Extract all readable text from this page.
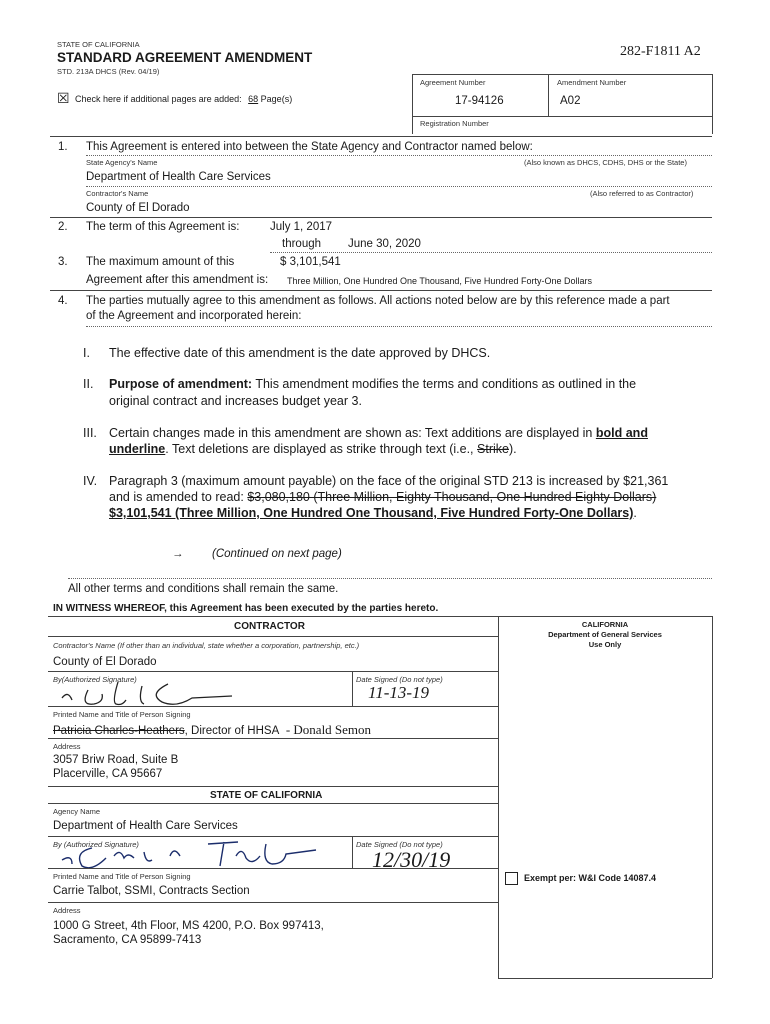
STATE OF CALIFORNIA
STANDARD AGREEMENT AMENDMENT
STD. 213A DHCS (Rev. 04/19)
282-F1811 A2
☒ Check here if additional pages are added: 68 Page(s)
Agreement Number
17-94126
Amendment Number
A02
Registration Number
1. This Agreement is entered into between the State Agency and Contractor named below:
State Agency's Name	(Also known as DHCS, CDHS, DHS or the State)
Department of Health Care Services
Contractor's Name	(Also referred to as Contractor)
County of El Dorado
2. The term of this Agreement is:	July 1, 2017
through June 30, 2020
3. The maximum amount of this	$ 3,101,541
Agreement after this amendment is: Three Million, One Hundred One Thousand, Five Hundred Forty-One Dollars
4. The parties mutually agree to this amendment as follows. All actions noted below are by this reference made a part
of the Agreement and incorporated herein:
I. The effective date of this amendment is the date approved by DHCS.
II. Purpose of amendment: This amendment modifies the terms and conditions as outlined in the
original contract and increases budget year 3.
III. Certain changes made in this amendment are shown as: Text additions are displayed in bold and
underline. Text deletions are displayed as strike through text (i.e., Strike).
IV. Paragraph 3 (maximum amount payable) on the face of the original STD 213 is increased by $21,361
and is amended to read: $3,080,180 (Three Million, Eighty Thousand, One Hundred Eighty Dollars)
$3,101,541 (Three Million, One Hundred One Thousand, Five Hundred Forty-One Dollars).
→ (Continued on next page)
All other terms and conditions shall remain the same.
IN WITNESS WHEREOF, this Agreement has been executed by the parties hereto.
CONTRACTOR	CALIFORNIA
Department of General Services
Use Only
Contractor's Name (If other than an individual, state whether a corporation, partnership, etc.)
County of El Dorado
By(Authorized Signature)	Date Signed (Do not type)
11-13-19
Printed Name and Title of Person Signing
Patricia Charles-Heathers, Director of HHSA - Donald Semon
Address
3057 Briw Road, Suite B
Placerville, CA 95667
STATE OF CALIFORNIA
Agency Name
Department of Health Care Services
By (Authorized Signature)	Date Signed (Do not type)
12/30/19
Printed Name and Title of Person Signing
Carrie Talbot, SSMI, Contracts Section
Address
1000 G Street, 4th Floor, MS 4200, P.O. Box 997413,
Sacramento, CA 95899-7413
Exempt per: W&I Code 14087.4
